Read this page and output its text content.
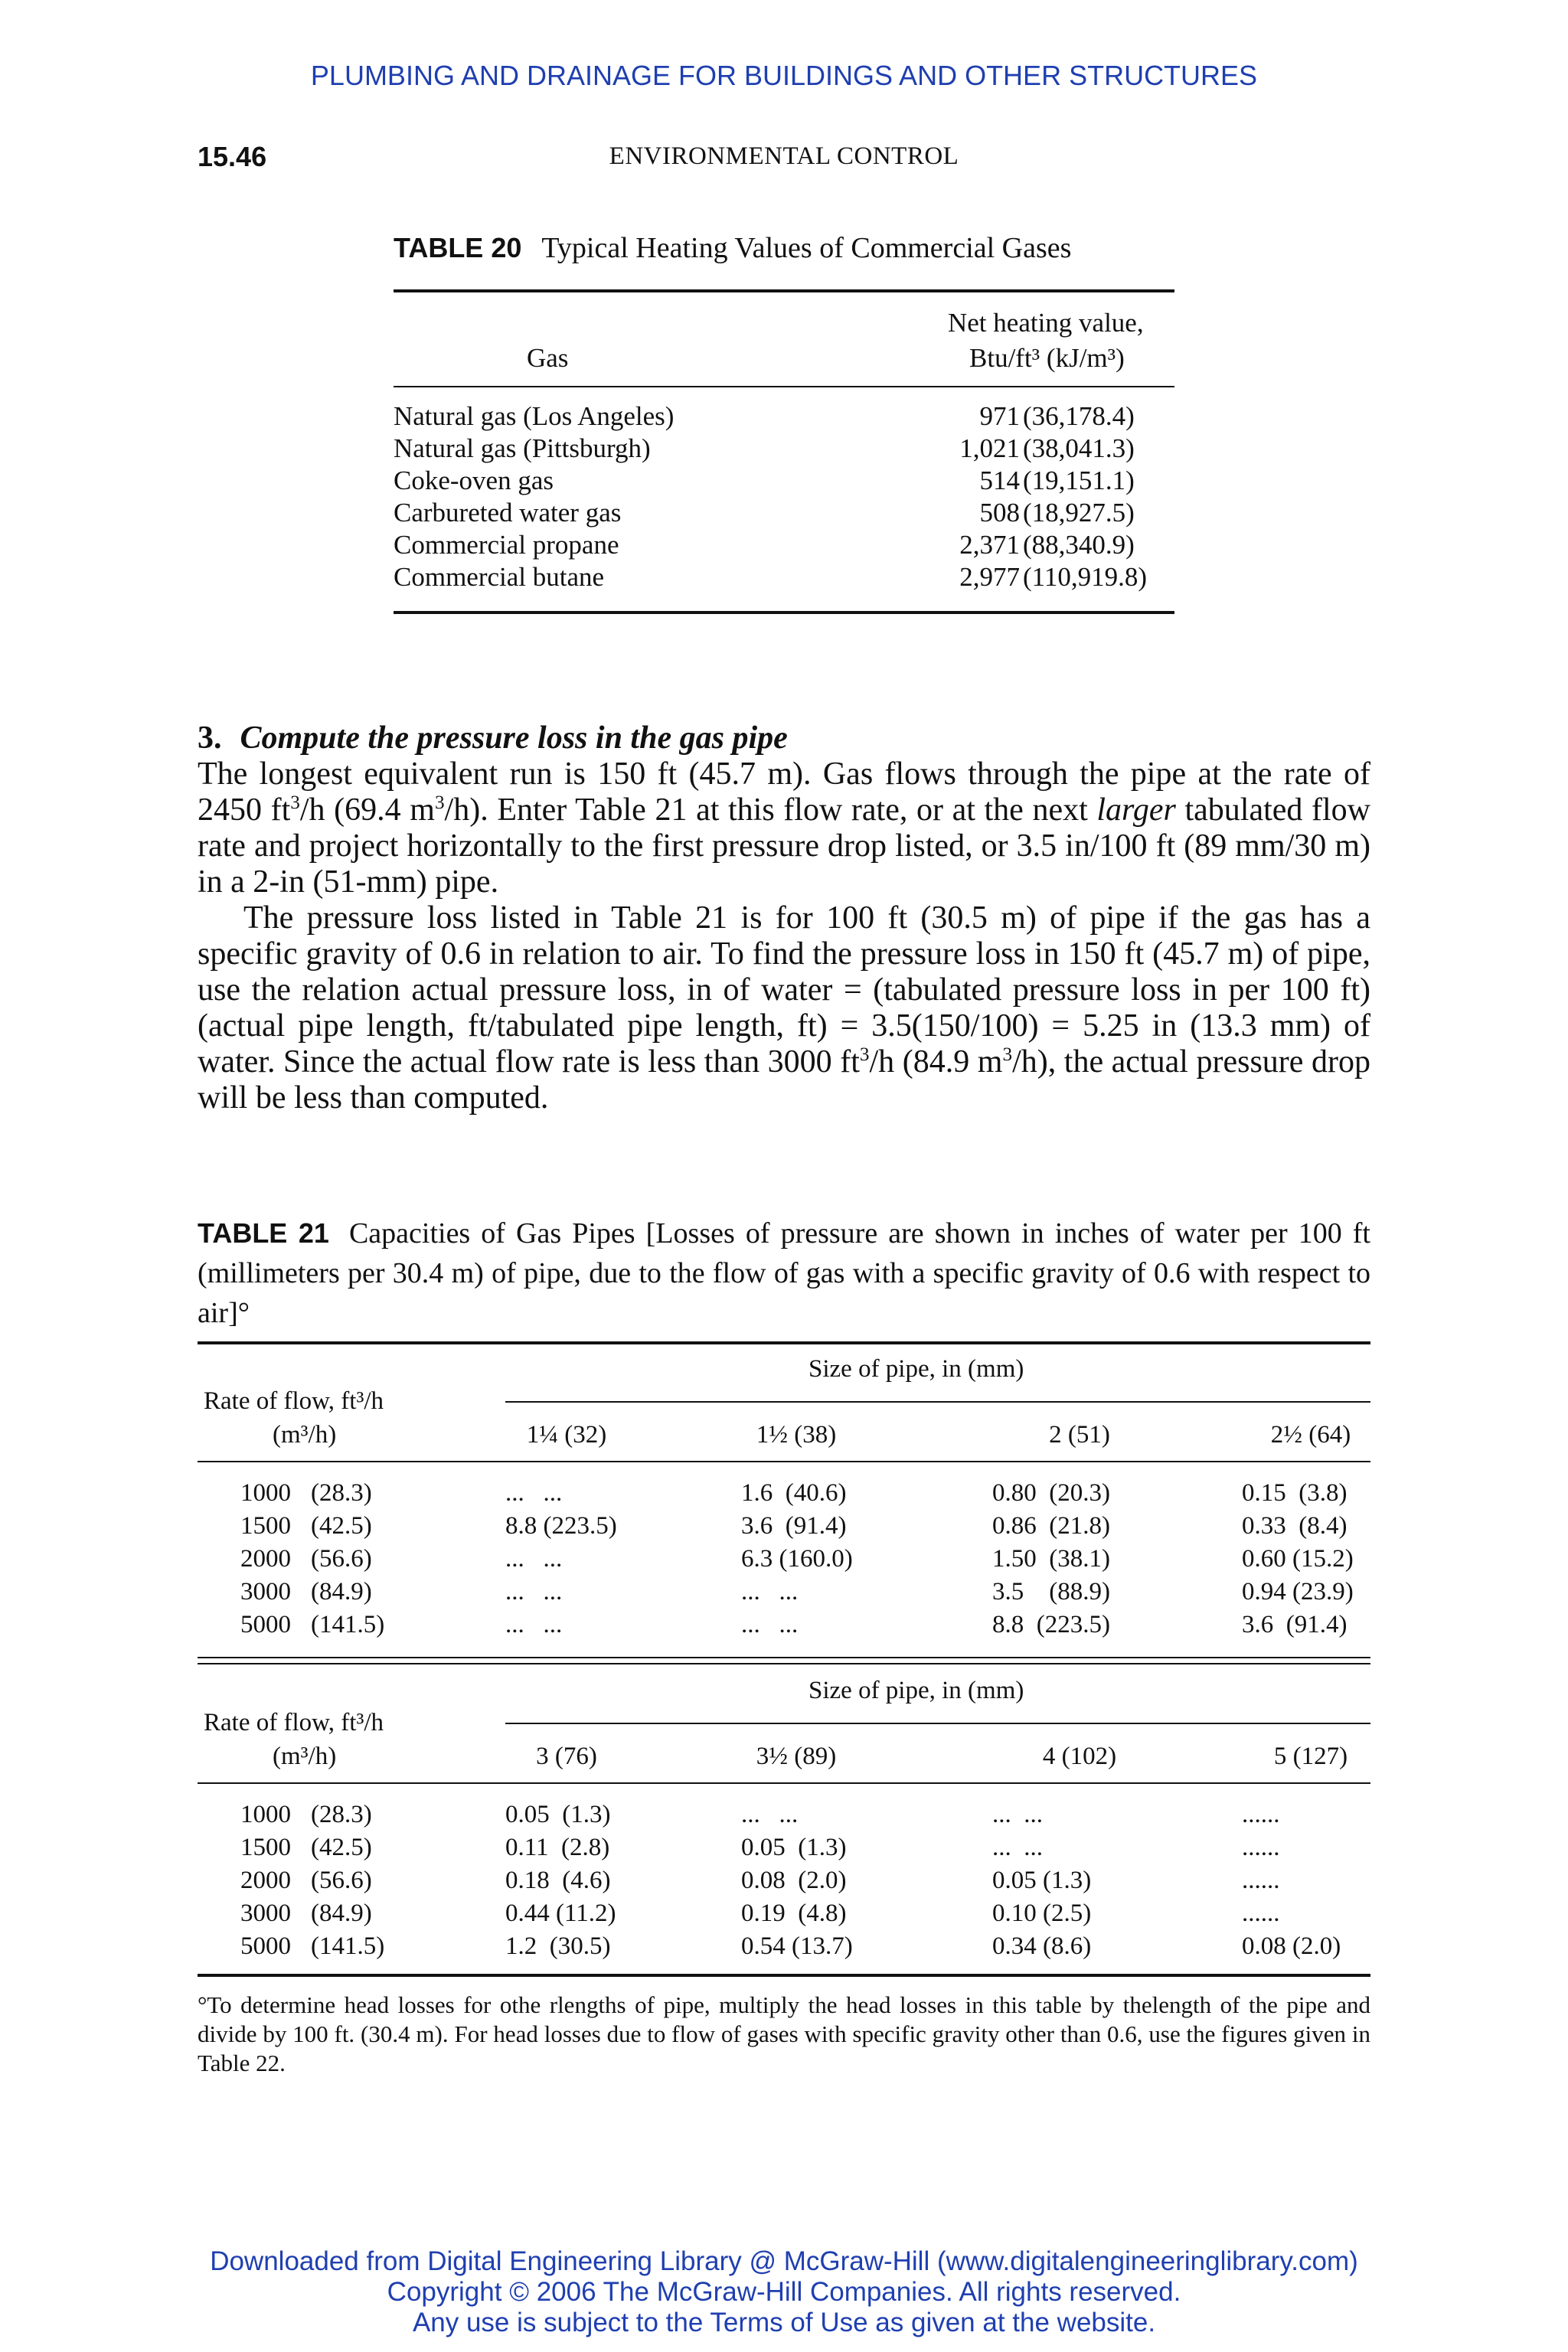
PLUMBING AND DRAINAGE FOR BUILDINGS AND OTHER STRUCTURES
15.46	ENVIRONMENTAL CONTROL
TABLE 20 Typical Heating Values of Commercial Gases
Gas
Net heating value,
Btu/ft³ (kJ/m³)
Natural gas (Los Angeles)	971 (36,178.4)
Natural gas (Pittsburgh)	1,021 (38,041.3)
Coke-oven gas	514 (19,151.1)
Carbureted water gas	508 (18,927.5)
Commercial propane	2,371 (88,340.9)
Commercial butane	2,977 (110,919.8)
3. Compute the pressure loss in the gas pipe
The longest equivalent run is 150 ft (45.7 m). Gas flows through the pipe at the rate of 2450 $ft^3/h$ (69.4 $m^3/h$). Enter Table 21 at this flow rate, or at the next larger tabulated flow rate and project horizontally to the first pressure drop listed, or 3.5 in/100 ft (89 mm/30 m) in a 2-in (51-mm) pipe.
The pressure loss listed in Table 21 is for 100 ft (30.5 m) of pipe if the gas has a specific gravity of 0.6 in relation to air. To find the pressure loss in 150 ft (45.7 m) of pipe, use the relation actual pressure loss, in of water = (tabulated pressure loss in per 100 ft)(actual pipe length, ft/tabulated pipe length, ft) = 3.5(150/100) = 5.25 in (13.3 mm) of water. Since the actual flow rate is less than 3000 $ft^3/h$ (84.9 $m^3/h$), the actual pressure drop will be less than computed.
TABLE 21 Capacities of Gas Pipes [Losses of pressure are shown in inches of water per 100 ft (millimeters per 30.4 m) of pipe, due to the flow of gas with a specific gravity of 0.6 with respect to air]°
Rate of flow, ft³/h
(m³/h)
Size of pipe, in (mm)
1¼ (32)	1½ (38)	2 (51)	2½ (64)
1000 (28.3)	...   ...	1.6  (40.6)	0.80  (20.3)	0.15  (3.8)
1500 (42.5)	8.8 (223.5)	3.6  (91.4)	0.86  (21.8)	0.33  (8.4)
2000 (56.6)	...   ...	6.3 (160.0)	1.50  (38.1)	0.60 (15.2)
3000 (84.9)	...   ...	...   ...	3.5    (88.9)	0.94 (23.9)
5000 (141.5)	...   ...	...   ...	8.8  (223.5)	3.6  (91.4)
Rate of flow, ft³/h
(m³/h)
Size of pipe, in (mm)
3 (76)	3½ (89)	4 (102)	5 (127)
1000 (28.3)	0.05  (1.3)	...   ...	...  ...	......
1500 (42.5)	0.11  (2.8)	0.05  (1.3)	...  ...	......
2000 (56.6)	0.18  (4.6)	0.08  (2.0)	0.05 (1.3)	......
3000 (84.9)	0.44 (11.2)	0.19  (4.8)	0.10 (2.5)	......
5000 (141.5)	1.2  (30.5)	0.54 (13.7)	0.34 (8.6)	0.08 (2.0)
°To determine head losses for othe rlengths of pipe, multiply the head losses in this table by thelength of the pipe and divide by 100 ft. (30.4 m). For head losses due to flow of gases with specific gravity other than 0.6, use the figures given in Table 22.
Downloaded from Digital Engineering Library @ McGraw-Hill (www.digitalengineeringlibrary.com)
Copyright © 2006 The McGraw-Hill Companies. All rights reserved.
Any use is subject to the Terms of Use as given at the website.
